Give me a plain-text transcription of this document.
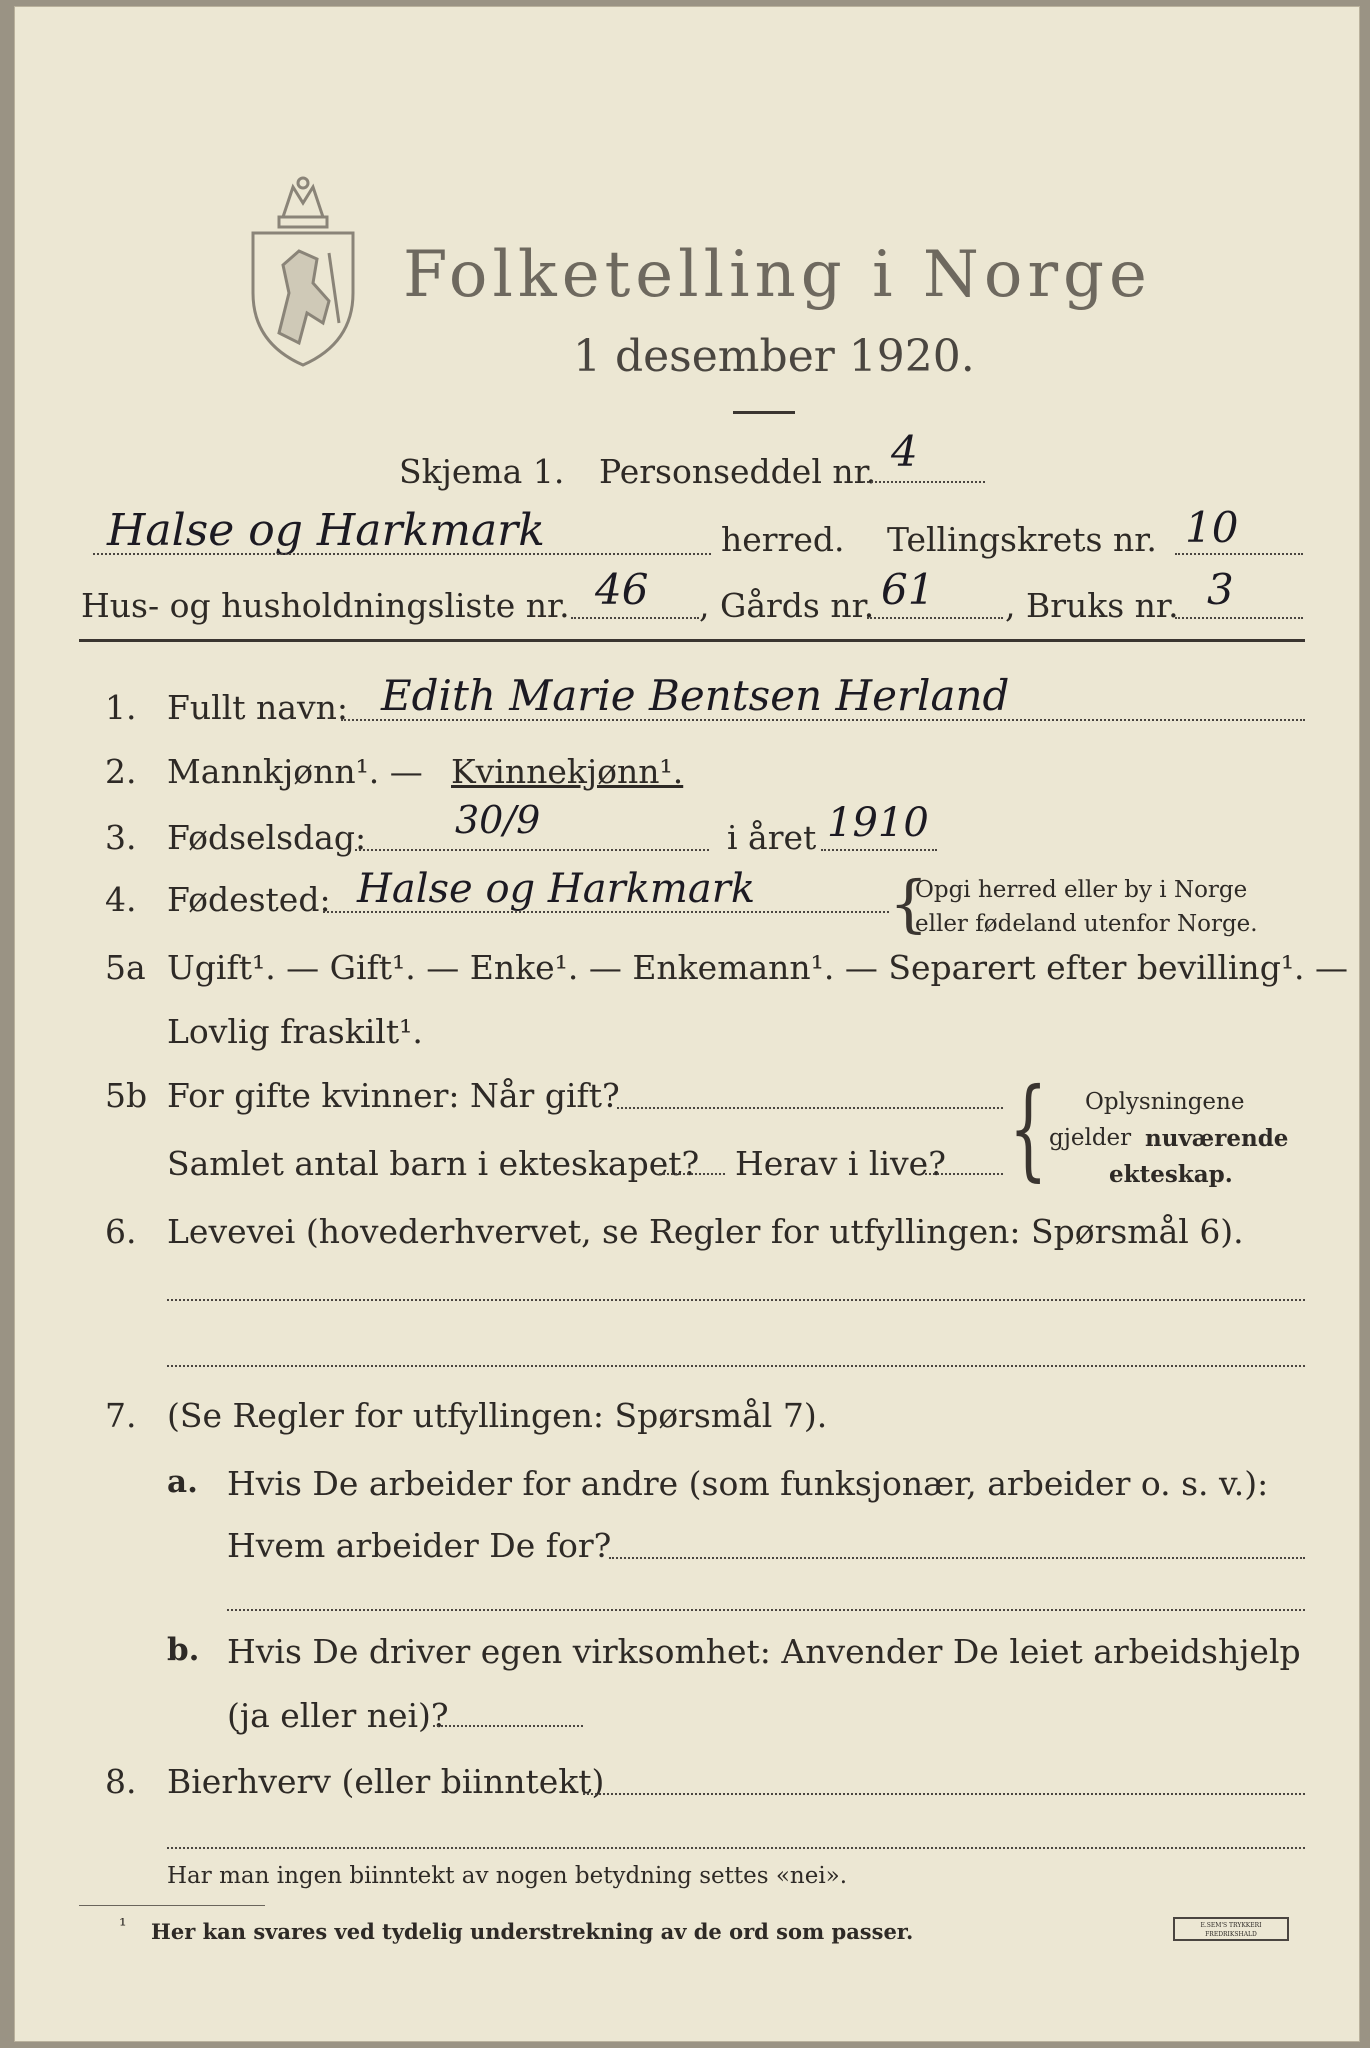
Folketelling i Norge
1 desember 1920.
Skjema 1. Personseddel nr. 4
Halse og Harkmark	herred. Tellingskrets nr. 10
Hus- og husholdningsliste nr. 46 , Gårds nr. 61 , Bruks nr. 3
1. Fullt navn: Edith Marie Bentsen Herland
2. Mannkjønn¹. — Kvinnekjønn¹.
3. Fødselsdag: 30/9	i året 1910
4. Fødested: Halse og Harkmark {
Opgi herred eller by i Norge
eller fødeland utenfor Norge.
5a Ugift¹. — Gift¹. — Enke¹. — Enkemann¹. — Separert efter bevilling¹. —
Lovlig fraskilt¹.
5b For gifte kvinner: Når gift?
Samlet antal barn i ekteskapet? Herav i live? { Oplysningene
gjelder nuværende
ekteskap.
6. Levevei (hovederhvervet, se Regler for utfyllingen: Spørsmål 6).
7. (Se Regler for utfyllingen: Spørsmål 7).
a. Hvis De arbeider for andre (som funksjonær, arbeider o. s. v.):
Hvem arbeider De for?
b. Hvis De driver egen virksomhet: Anvender De leiet arbeidshjelp
(ja eller nei)?
8. Bierhverv (eller biinntekt)
Har man ingen biinntekt av nogen betydning settes «nei».
¹ Her kan svares ved tydelig understrekning av de ord som passer.	E.SEM'S TRYKKERI
FREDRIKSHALD
